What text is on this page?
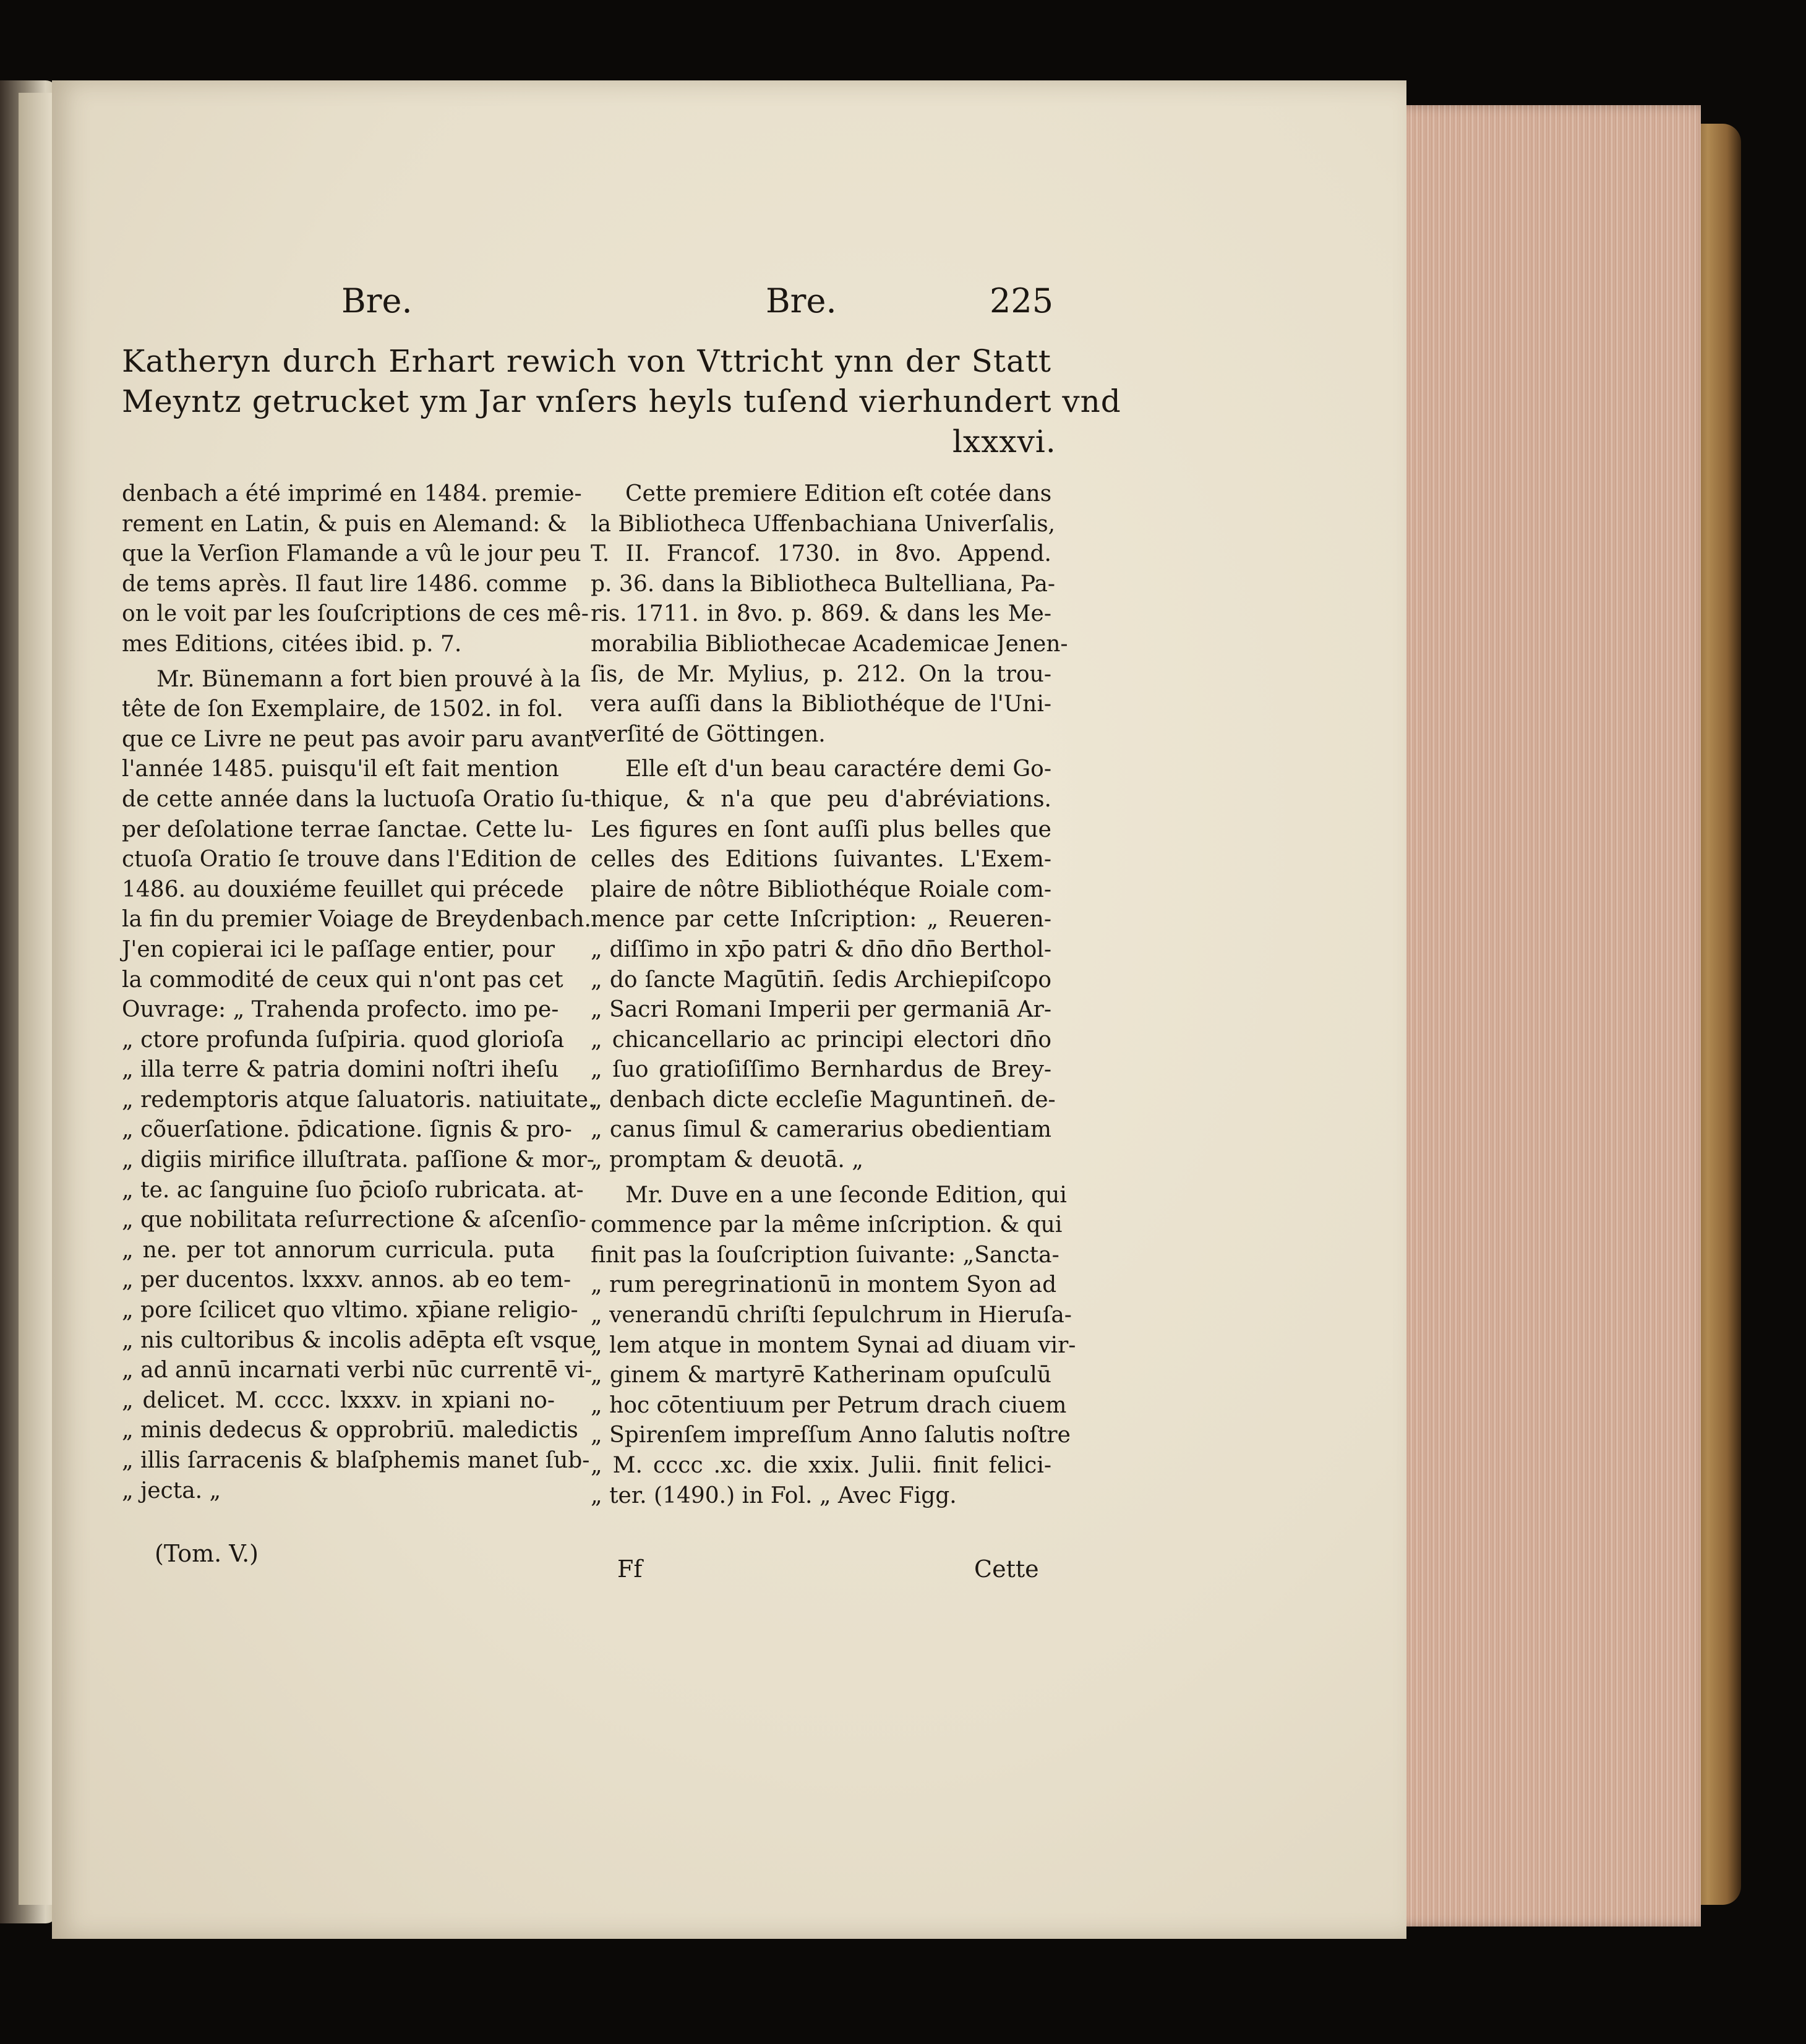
Bre.	Bre.	225
Katheryn durch Erhart rewich von Vttricht ynn der Statt
Meyntz getrucket ym Jar vnſers heyls tuſend vierhundert vnd
lxxxvi.
denbach a été imprimé en 1484. premie-
rement en Latin, & puis en Alemand: &
que la Verſion Flamande a vû le jour peu
de tems après. Il faut lire 1486. comme
on le voit par les ſouſcriptions de ces mê-
mes Editions, citées ibid. p. 7.
Mr. Bünemann a fort bien prouvé à la
tête de ſon Exemplaire, de 1502. in fol.
que ce Livre ne peut pas avoir paru avant
l'année 1485. puisqu'il eſt fait mention
de cette année dans la luctuoſa Oratio ſu-
per deſolatione terrae ſanctae. Cette lu-
ctuoſa Oratio ſe trouve dans l'Edition de
1486. au douxiéme feuillet qui précede
la fin du premier Voiage de Breydenbach.
J'en copierai ici le paſſage entier, pour
la commodité de ceux qui n'ont pas cet
Ouvrage: „ Trahenda profecto. imo pe-
„ ctore profunda ſuſpiria. quod glorioſa
„ illa terre & patria domini noſtri iheſu
„ redemptoris atque ſaluatoris. natiuitate.
„ cõuerſatione. p̄dicatione. ſignis & pro-
„ digiis mirifice illuſtrata. paſſione & mor-
„ te. ac ſanguine ſuo p̄cioſo rubricata. at-
„ que nobilitata reſurrectione & aſcenſio-
„ ne. per tot annorum curricula. puta
„ per ducentos. lxxxv. annos. ab eo tem-
„ pore ſcilicet quo vltimo. xp̄iane religio-
„ nis cultoribus & incolis adēpta eſt vsque
„ ad annū incarnati verbi nūc currentē vi-
„ delicet. M. cccc. lxxxv. in xpiani no-
„ minis dedecus & opprobriū. maledictis
„ illis ſarracenis & blaſphemis manet ſub-
„ jecta. „
Cette premiere Edition eſt cotée dans
la Bibliotheca Uffenbachiana Univerſalis,
T. II. Francof. 1730. in 8vo. Append.
p. 36. dans la Bibliotheca Bultelliana, Pa-
ris. 1711. in 8vo. p. 869. & dans les Me-
morabilia Bibliothecae Academicae Jenen-
ſis, de Mr. Mylius, p. 212. On la trou-
vera auſſi dans la Bibliothéque de l'Uni-
verſité de Göttingen.
Elle eſt d'un beau caractére demi Go-
thique, & n'a que peu d'abréviations.
Les figures en ſont auſſi plus belles que
celles des Editions ſuivantes. L'Exem-
plaire de nôtre Bibliothéque Roiale com-
mence par cette Inſcription: „ Reueren-
„ diſſimo in xp̄o patri & dn̄o dn̄o Berthol-
„ do ſancte Magūtin̄. ſedis Archiepiſcopo
„ Sacri Romani Imperii per germaniā Ar-
„ chicancellario ac principi electori dn̄o
„ ſuo gratioſiſſimo Bernhardus de Brey-
„ denbach dicte eccleſie Maguntinen̄. de-
„ canus ſimul & camerarius obedientiam
„ promptam & deuotā. „
Mr. Duve en a une ſeconde Edition, qui
commence par la même inſcription. & qui
finit pas la ſouſcription ſuivante: „Sancta-
„ rum peregrinationū in montem Syon ad
„ venerandū chriſti ſepulchrum in Hieruſa-
„ lem atque in montem Synai ad diuam vir-
„ ginem & martyrē Katherinam opuſculū
„ hoc cōtentiuum per Petrum drach ciuem
„ Spirenſem impreſſum Anno ſalutis noſtre
„ M. cccc .xc. die xxix. Julii. finit felici-
„ ter. (1490.) in Fol. „ Avec Figg.
(Tom. V.)
Ff	Cette
